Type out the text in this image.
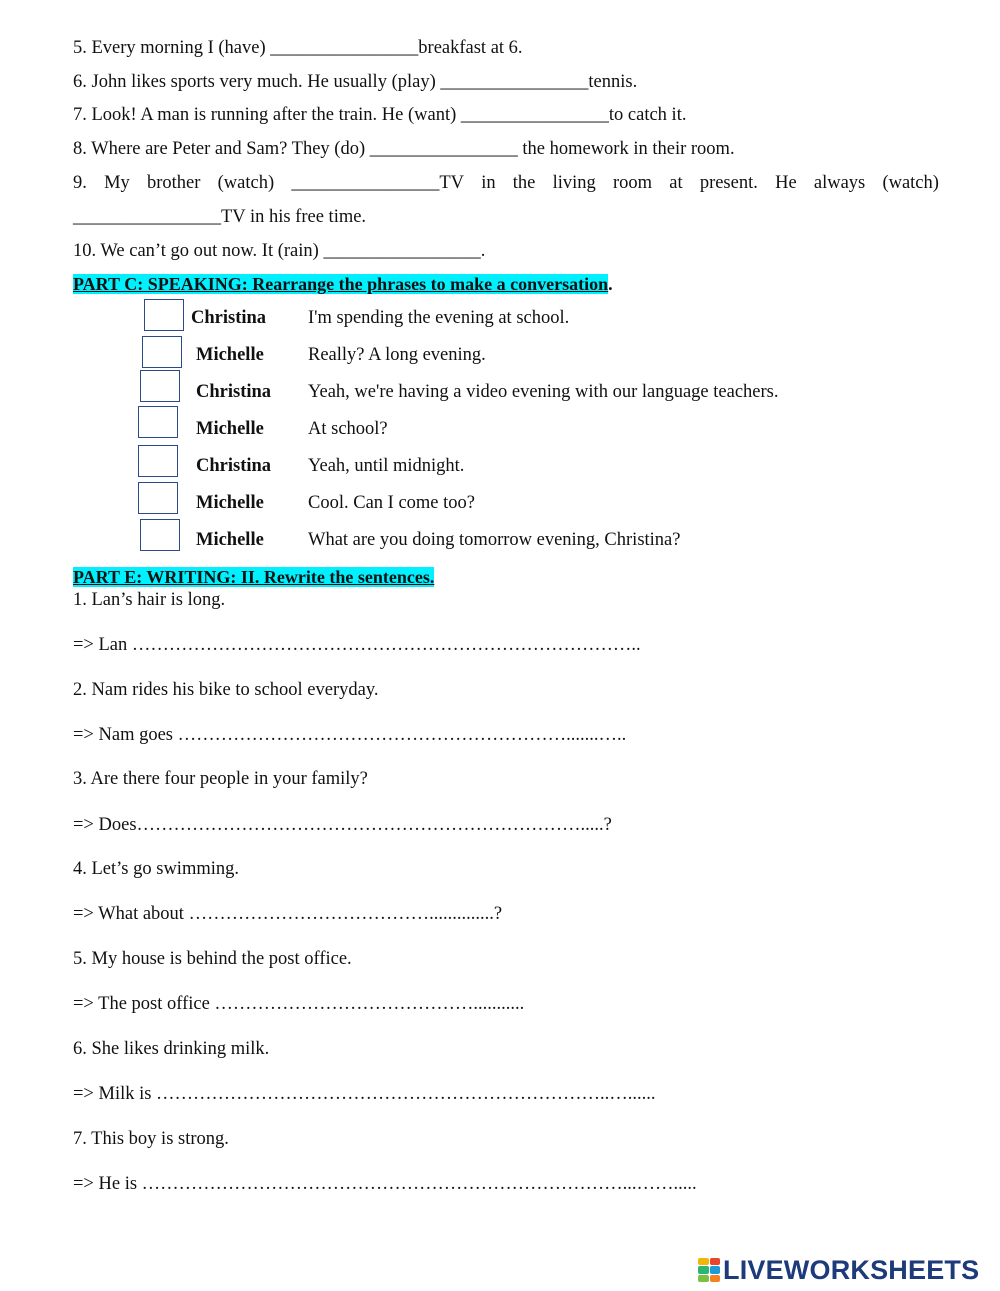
5. Every morning I (have) ________________breakfast at 6.
6. John likes sports very much. He usually (play) ________________tennis.
7. Look! A man is running after the train. He (want) ________________to catch it.
8. Where are Peter and Sam? They (do) ________________ the homework in their room.
9. My brother (watch) ________________TV in the living room at present. He always (watch)
________________TV in his free time.
10. We can’t go out now. It (rain) _________________.
PART C: SPEAKING: Rearrange the phrases to make a conversation.
Christina I'm spending the evening at school.
Michelle Really? A long evening.
Christina Yeah, we're having a video evening with our language teachers.
Michelle At school?
Christina Yeah, until midnight.
Michelle Cool. Can I come too?
Michelle What are you doing tomorrow evening, Christina?
PART E: WRITING: II. Rewrite the sentences.
1. Lan’s hair is long.
=> Lan ………………………………………………………………………..
2. Nam rides his bike to school everyday.
=> Nam goes ……………………………………………………….......…..
3. Are there four people in your family?
=> Does……………………………………………………………….....?
4. Let’s go swimming.
=> What about …………………………………..............?
5. My house is behind the post office.
=> The post office ……………………………………...........
6. She likes drinking milk.
=> Milk is ………………………………………………………………..…......
7. This boy is strong.
=> He is ……………………………………………………………………...…….....
LIVEWORKSHEETS
